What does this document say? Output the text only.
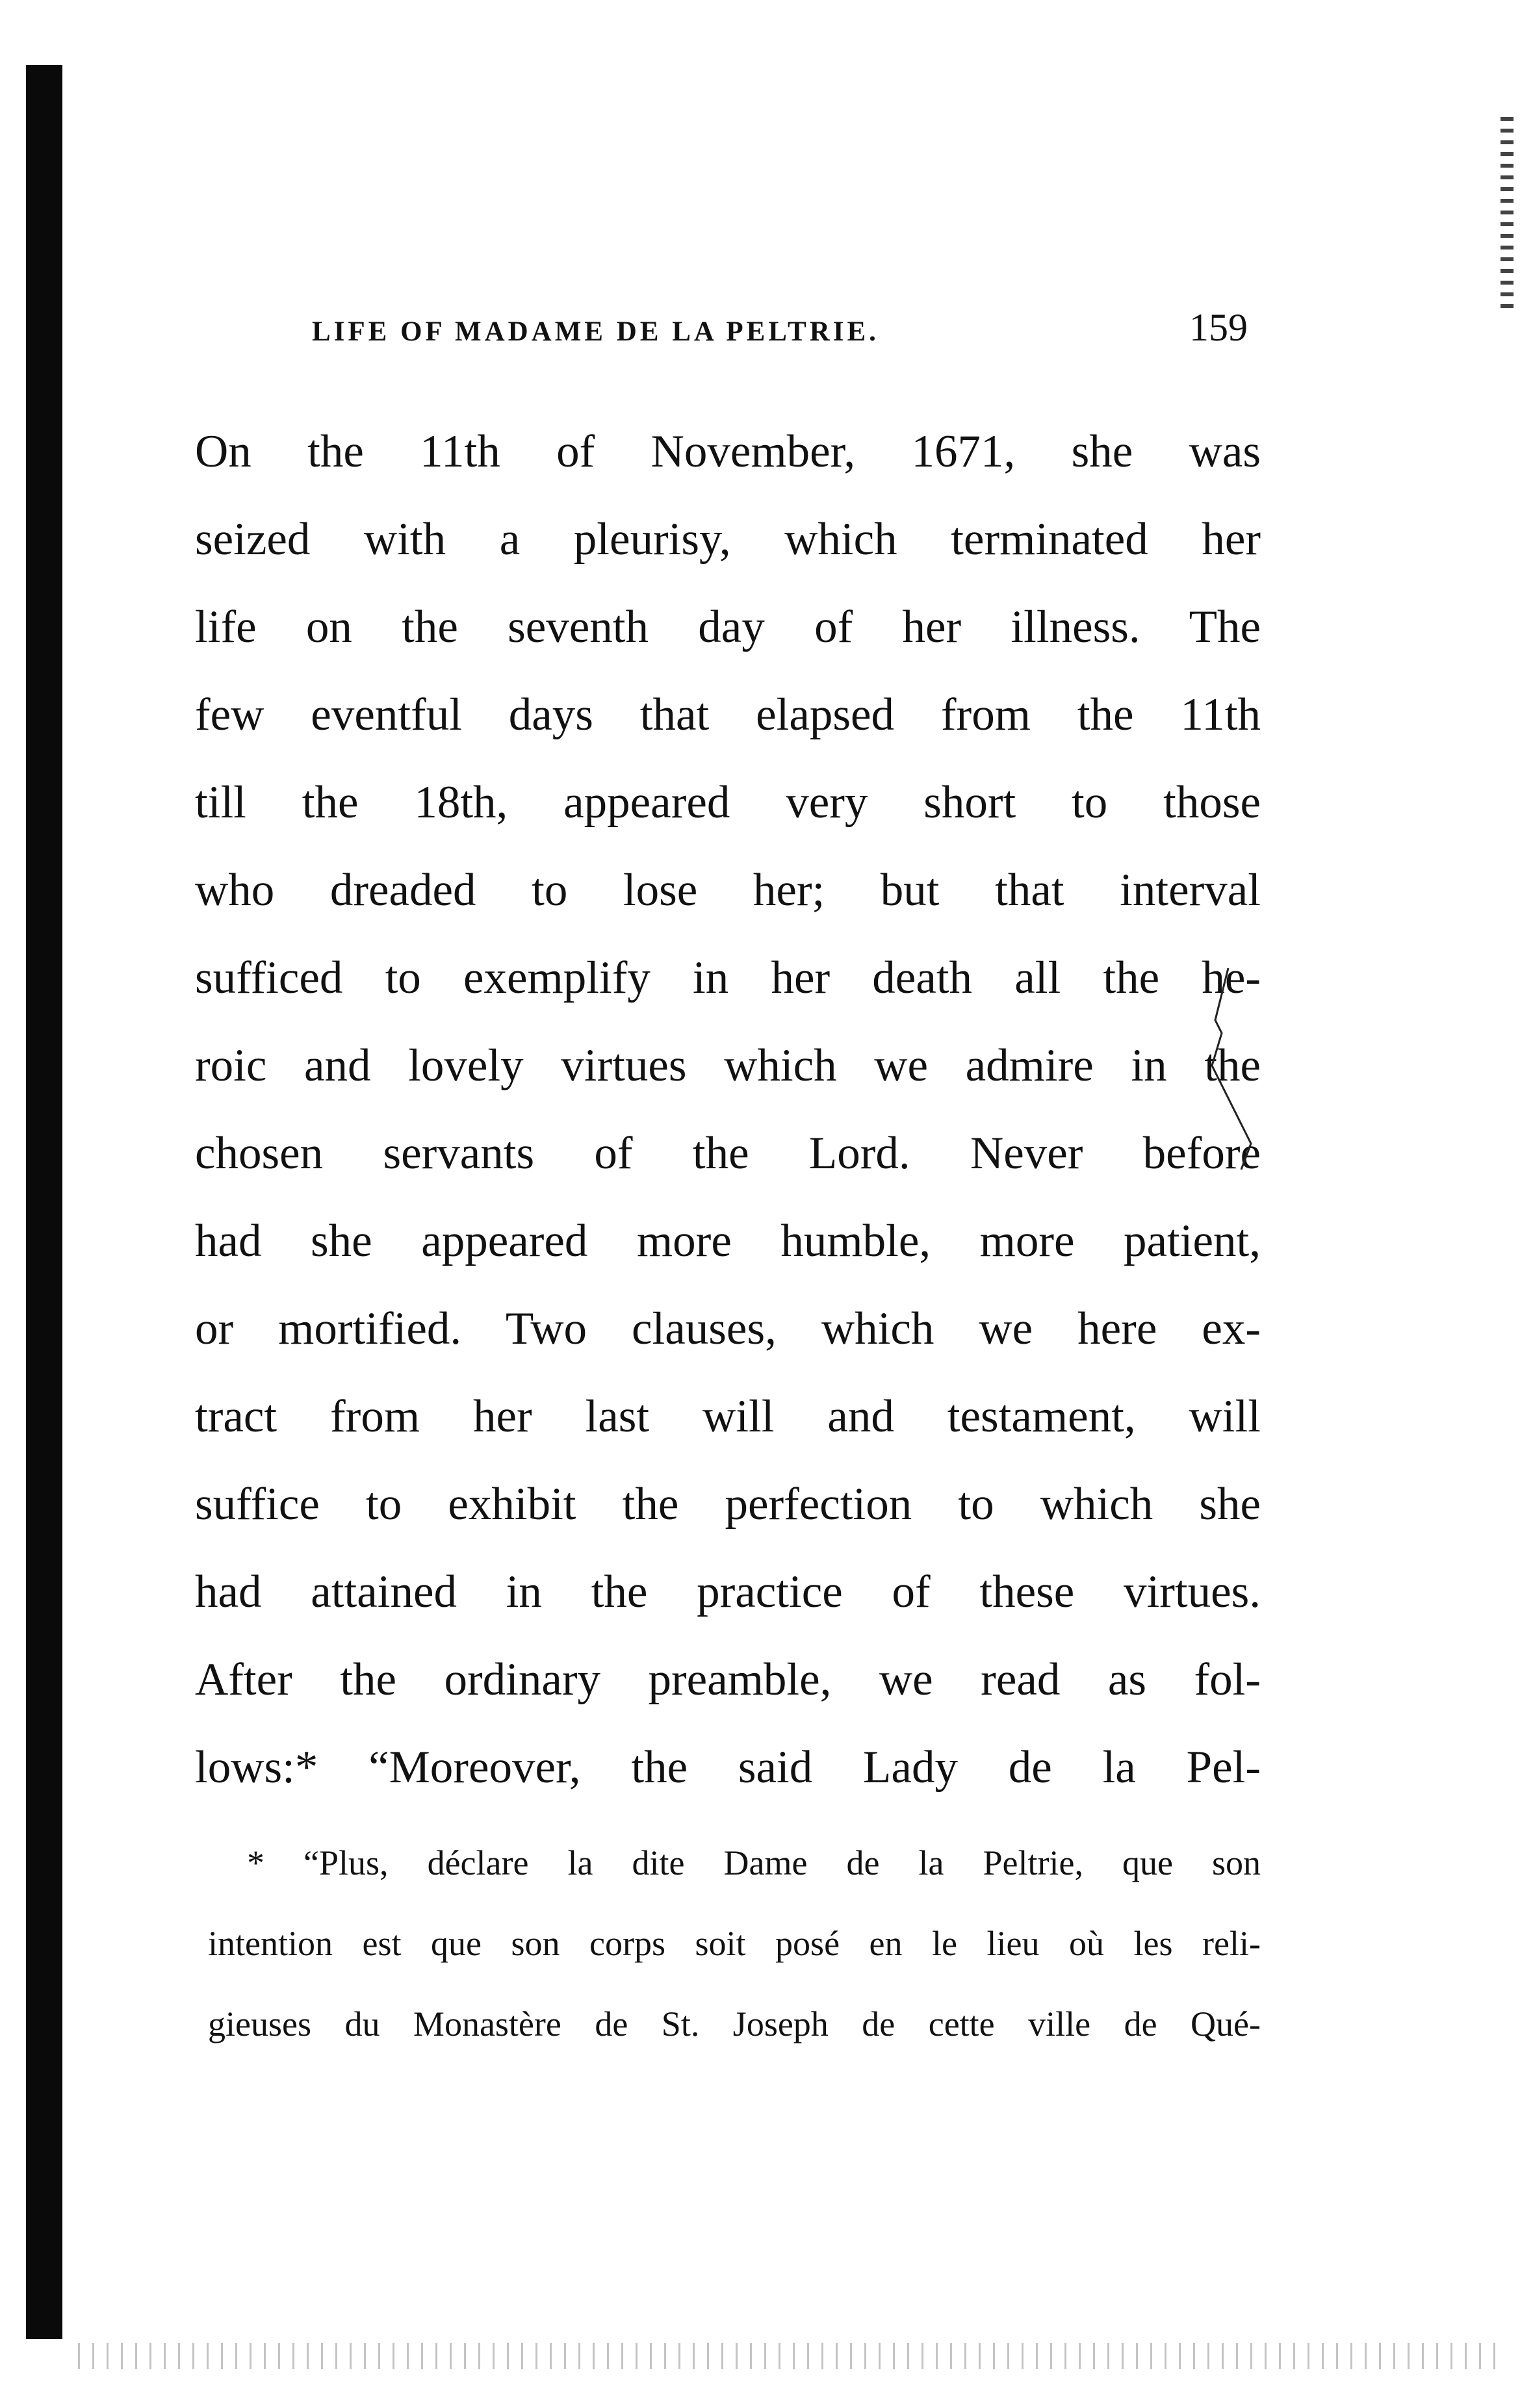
LIFE OF MADAME DE LA PELTRIE.	159
On the 11th of November, 1671, she was
seized with a pleurisy, which terminated her
life on the seventh day of her illness. The
few eventful days that elapsed from the 11th
till the 18th, appeared very short to those
who dreaded to lose her; but that interval
sufficed to exemplify in her death all the he-
roic and lovely virtues which we admire in the
chosen servants of the Lord. Never before
had she appeared more humble, more patient,
or mortified. Two clauses, which we here ex-
tract from her last will and testament, will
suffice to exhibit the perfection to which she
had attained in the practice of these virtues.
After the ordinary preamble, we read as fol-
lows:* “Moreover, the said Lady de la Pel-
* “Plus, déclare la dite Dame de la Peltrie, que son
intention est que son corps soit posé en le lieu où les reli-
gieuses du Monastère de St. Joseph de cette ville de Qué-
